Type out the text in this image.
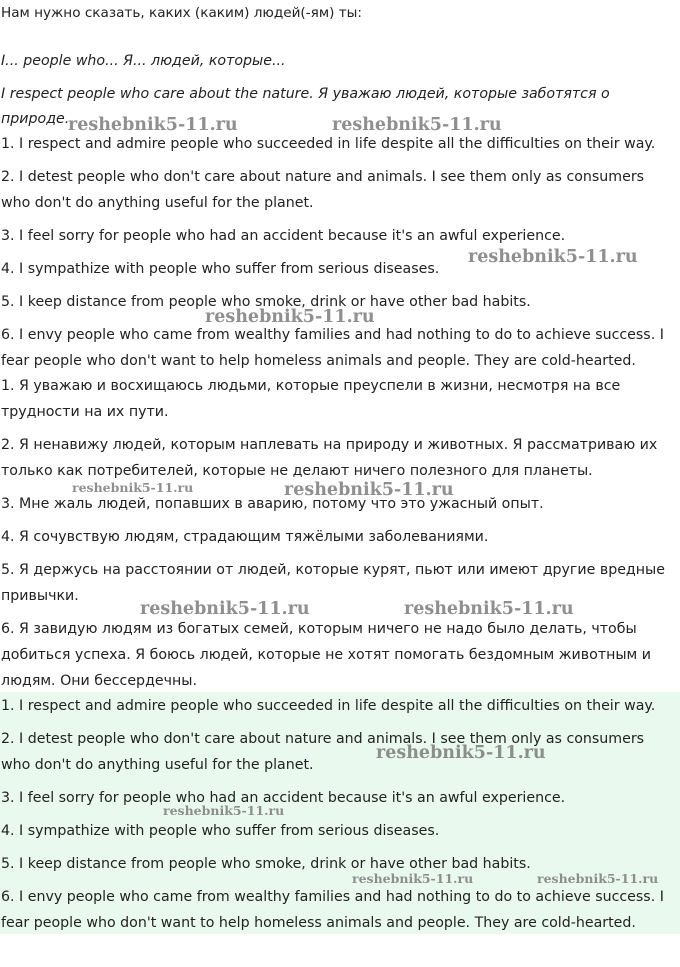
Нам нужно сказать, каких (каким) людей(-ям) ты:

I... people who... Я... людей, которые...

I respect people who care about the nature. Я уважаю людей, которые заботятся о

природе.

1. I respect and admire people who succeeded in life despite all the difficulties on their way.

2. I detest people who don't care about nature and animals. I see them only as consumers

who don't do anything useful for the planet.

3. I feel sorry for people who had an accident because it's an awful experience.

4. I sympathize with people who suffer from serious diseases.

5. I keep distance from people who smoke, drink or have other bad habits.

6. I envy people who came from wealthy families and had nothing to do to achieve success. I

fear people who don't want to help homeless animals and people. They are cold-hearted.

1. Я уважаю и восхищаюсь людьми, которые преуспели в жизни, несмотря на все

трудности на их пути.

2. Я ненавижу людей, которым наплевать на природу и животных. Я рассматриваю их

только как потребителей, которые не делают ничего полезного для планеты.

3. Мне жаль людей, попавших в аварию, потому что это ужасный опыт.

4. Я сочувствую людям, страдающим тяжёлыми заболеваниями.

5. Я держусь на расстоянии от людей, которые курят, пьют или имеют другие вредные

привычки.

6. Я завидую людям из богатых семей, которым ничего не надо было делать, чтобы

добиться успеха. Я боюсь людей, которые не хотят помогать бездомным животным и

людям. Они бессердечны.

1. I respect and admire people who succeeded in life despite all the difficulties on their way.

2. I detest people who don't care about nature and animals. I see them only as consumers

who don't do anything useful for the planet.

3. I feel sorry for people who had an accident because it's an awful experience.

4. I sympathize with people who suffer from serious diseases.

5. I keep distance from people who smoke, drink or have other bad habits.

6. I envy people who came from wealthy families and had nothing to do to achieve success. I

fear people who don't want to help homeless animals and people. They are cold-hearted.

reshebnik5-11.ru	reshebnik5-11.ru
reshebnik5-11.ru
reshebnik5-11.ru
reshebnik5-11.ru	reshebnik5-11.ru
reshebnik5-11.ru	reshebnik5-11.ru
reshebnik5-11.ru
reshebnik5-11.ru
reshebnik5-11.ru	reshebnik5-11.ru
